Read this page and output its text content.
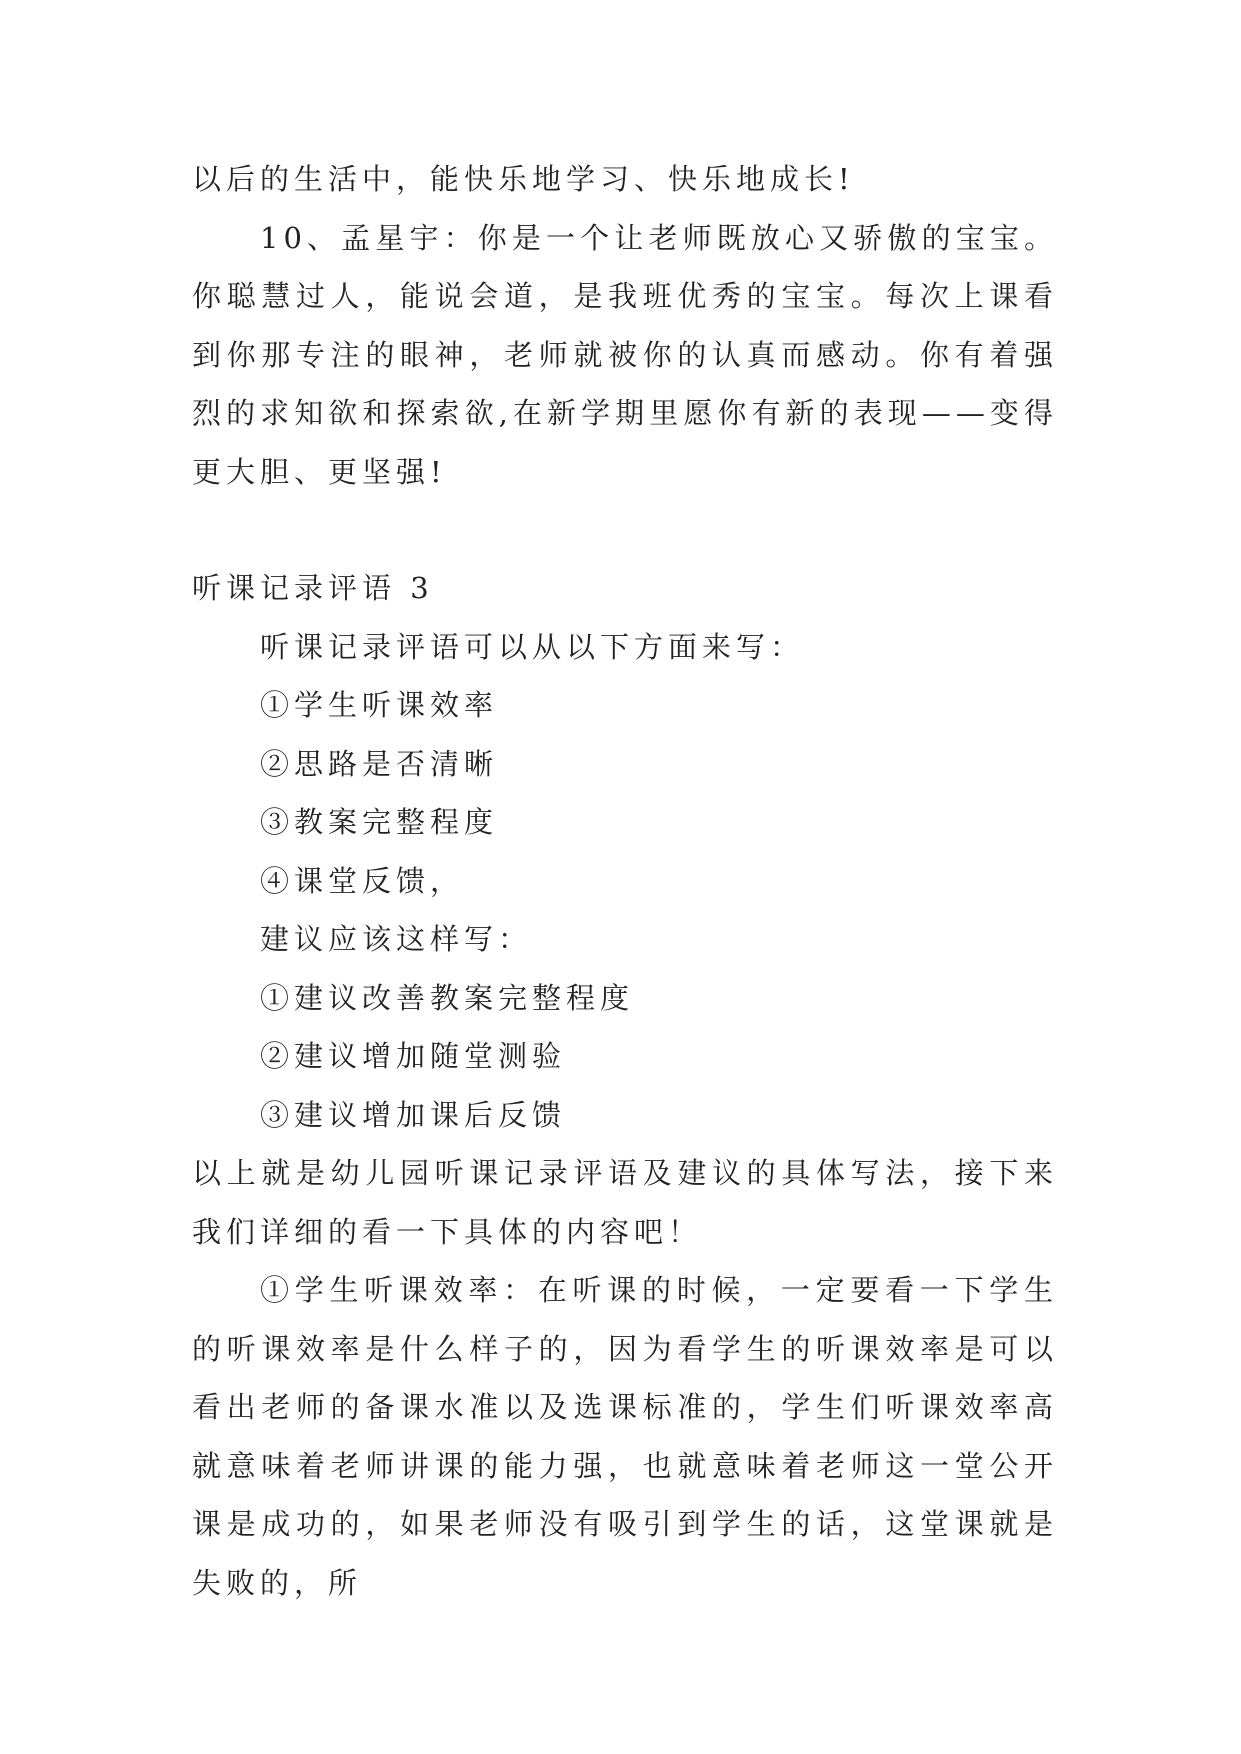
以后的生活中，能快乐地学习、快乐地成长!

10、孟星宇：你是一个让老师既放心又骄傲的宝宝。你聪慧过人，能说会道，是我班优秀的宝宝。每次上课看到你那专注的眼神，老师就被你的认真而感动。你有着强烈的求知欲和探索欲,在新学期里愿你有新的表现——变得更大胆、更坚强!

听课记录评语 3

听课记录评语可以从以下方面来写：

①学生听课效率

②思路是否清晰

③教案完整程度

④课堂反馈，

建议应该这样写：

①建议改善教案完整程度

②建议增加随堂测验

③建议增加课后反馈

以上就是幼儿园听课记录评语及建议的具体写法，接下来我们详细的看一下具体的内容吧！

①学生听课效率：在听课的时候，一定要看一下学生的听课效率是什么样子的，因为看学生的听课效率是可以看出老师的备课水准以及选课标准的，学生们听课效率高就意味着老师讲课的能力强，也就意味着老师这一堂公开课是成功的，如果老师没有吸引到学生的话，这堂课就是失败的，所
